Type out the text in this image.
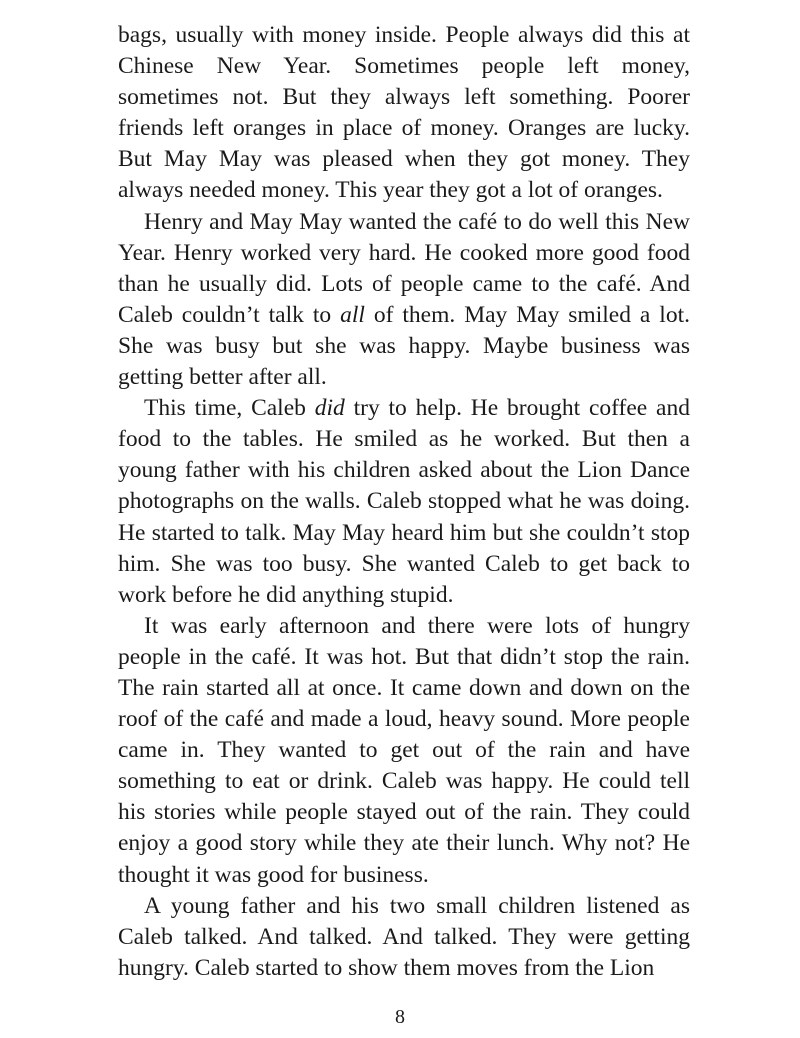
bags, usually with money inside. People always did this at Chinese New Year. Sometimes people left money, sometimes not. But they always left something. Poorer friends left oranges in place of money. Oranges are lucky. But May May was pleased when they got money. They always needed money. This year they got a lot of oranges.

Henry and May May wanted the café to do well this New Year. Henry worked very hard. He cooked more good food than he usually did. Lots of people came to the café. And Caleb couldn’t talk to all of them. May May smiled a lot. She was busy but she was happy. Maybe business was getting better after all.

This time, Caleb did try to help. He brought coffee and food to the tables. He smiled as he worked. But then a young father with his children asked about the Lion Dance photographs on the walls. Caleb stopped what he was doing. He started to talk. May May heard him but she couldn’t stop him. She was too busy. She wanted Caleb to get back to work before he did anything stupid.

It was early afternoon and there were lots of hungry people in the café. It was hot. But that didn’t stop the rain. The rain started all at once. It came down and down on the roof of the café and made a loud, heavy sound. More people came in. They wanted to get out of the rain and have something to eat or drink. Caleb was happy. He could tell his stories while people stayed out of the rain. They could enjoy a good story while they ate their lunch. Why not? He thought it was good for business.

A young father and his two small children listened as Caleb talked. And talked. And talked. They were getting hungry. Caleb started to show them moves from the Lion

8
